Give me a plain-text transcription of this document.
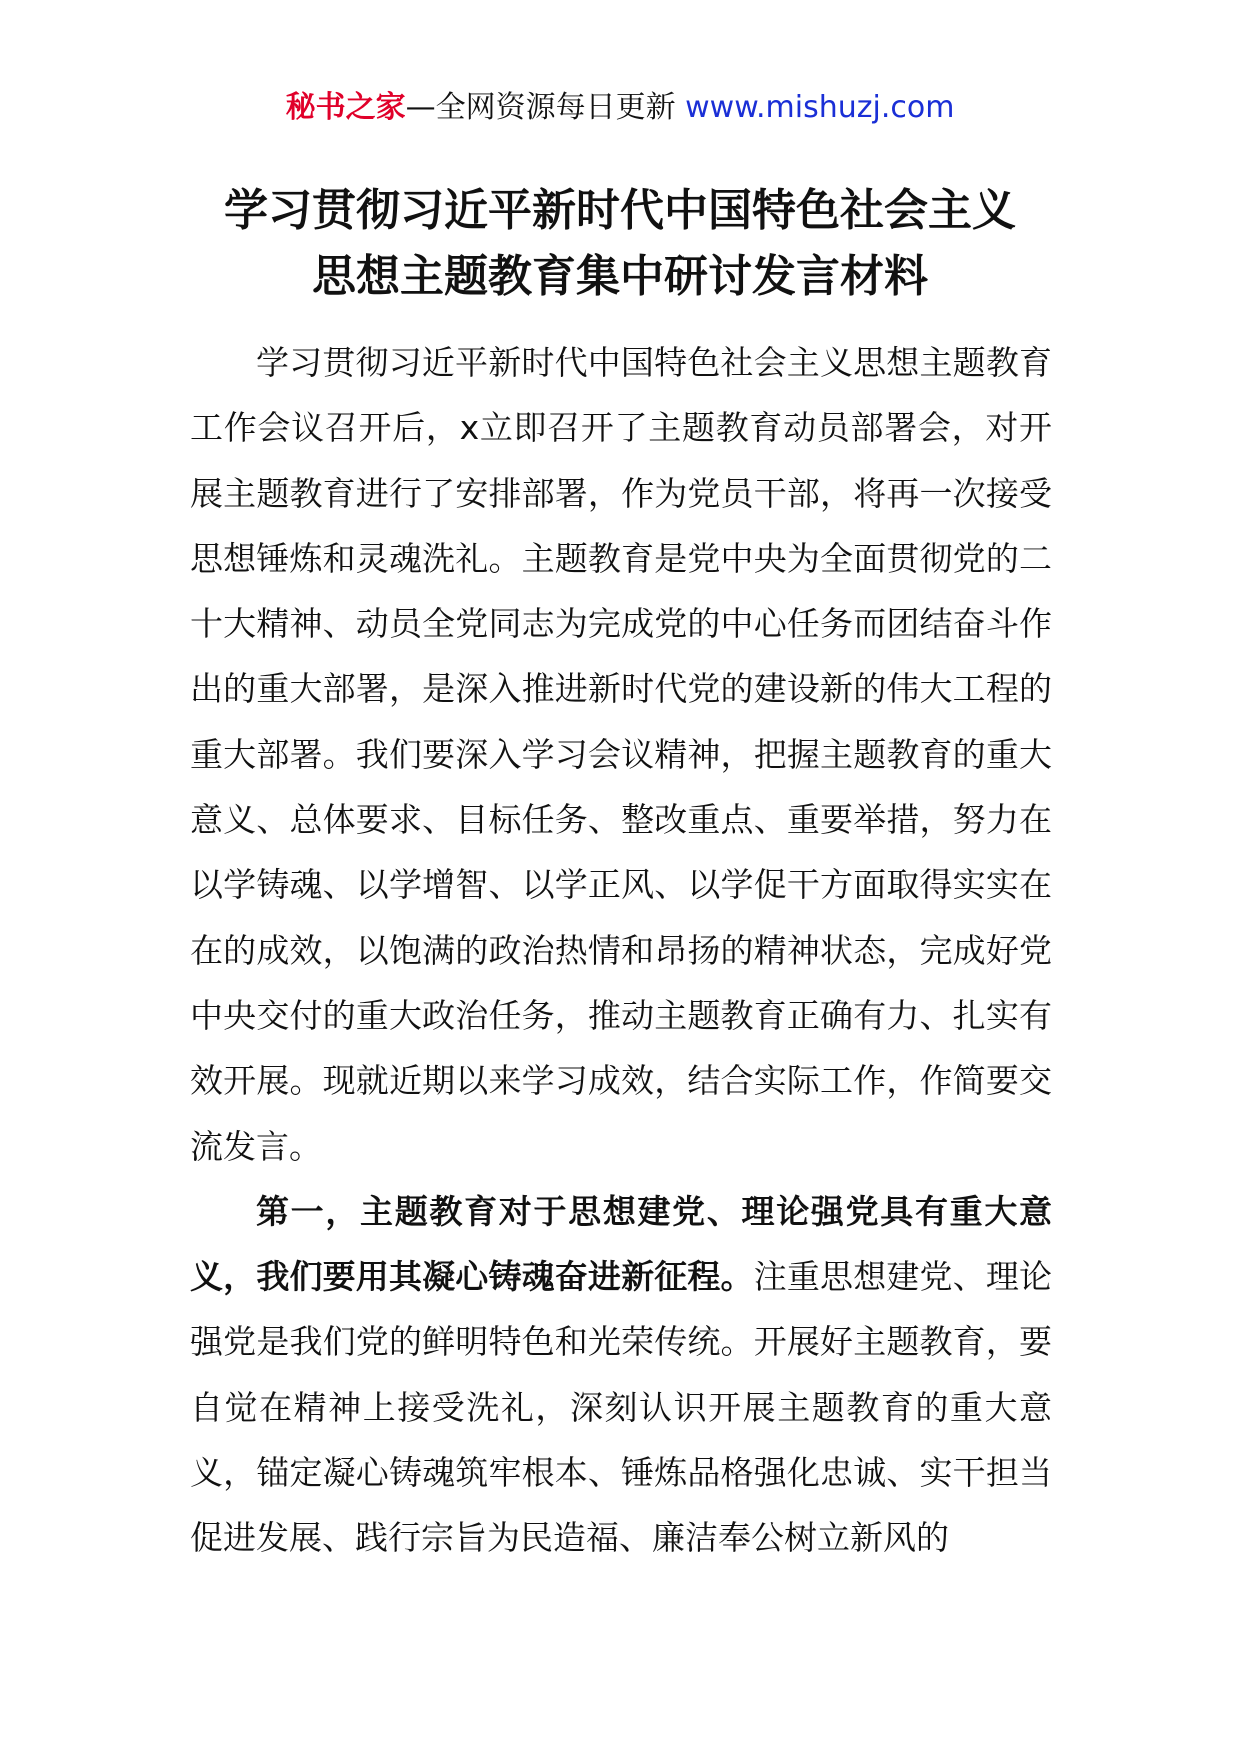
秘书之家—全网资源每日更新 www.mishuzj.com
学习贯彻习近平新时代中国特色社会主义
思想主题教育集中研讨发言材料

学习贯彻习近平新时代中国特色社会主义思想主题教育工作会议召开后，x立即召开了主题教育动员部署会，对开展主题教育进行了安排部署，作为党员干部，将再一次接受思想锤炼和灵魂洗礼。主题教育是党中央为全面贯彻党的二十大精神、动员全党同志为完成党的中心任务而团结奋斗作出的重大部署，是深入推进新时代党的建设新的伟大工程的重大部署。我们要深入学习会议精神，把握主题教育的重大意义、总体要求、目标任务、整改重点、重要举措，努力在以学铸魂、以学增智、以学正风、以学促干方面取得实实在在的成效，以饱满的政治热情和昂扬的精神状态，完成好党中央交付的重大政治任务，推动主题教育正确有力、扎实有效开展。现就近期以来学习成效，结合实际工作，作简要交流发言。

第一，主题教育对于思想建党、理论强党具有重大意义，我们要用其凝心铸魂奋进新征程。注重思想建党、理论强党是我们党的鲜明特色和光荣传统。开展好主题教育，要自觉在精神上接受洗礼，深刻认识开展主题教育的重大意义，锚定凝心铸魂筑牢根本、锤炼品格强化忠诚、实干担当促进发展、践行宗旨为民造福、廉洁奉公树立新风的
